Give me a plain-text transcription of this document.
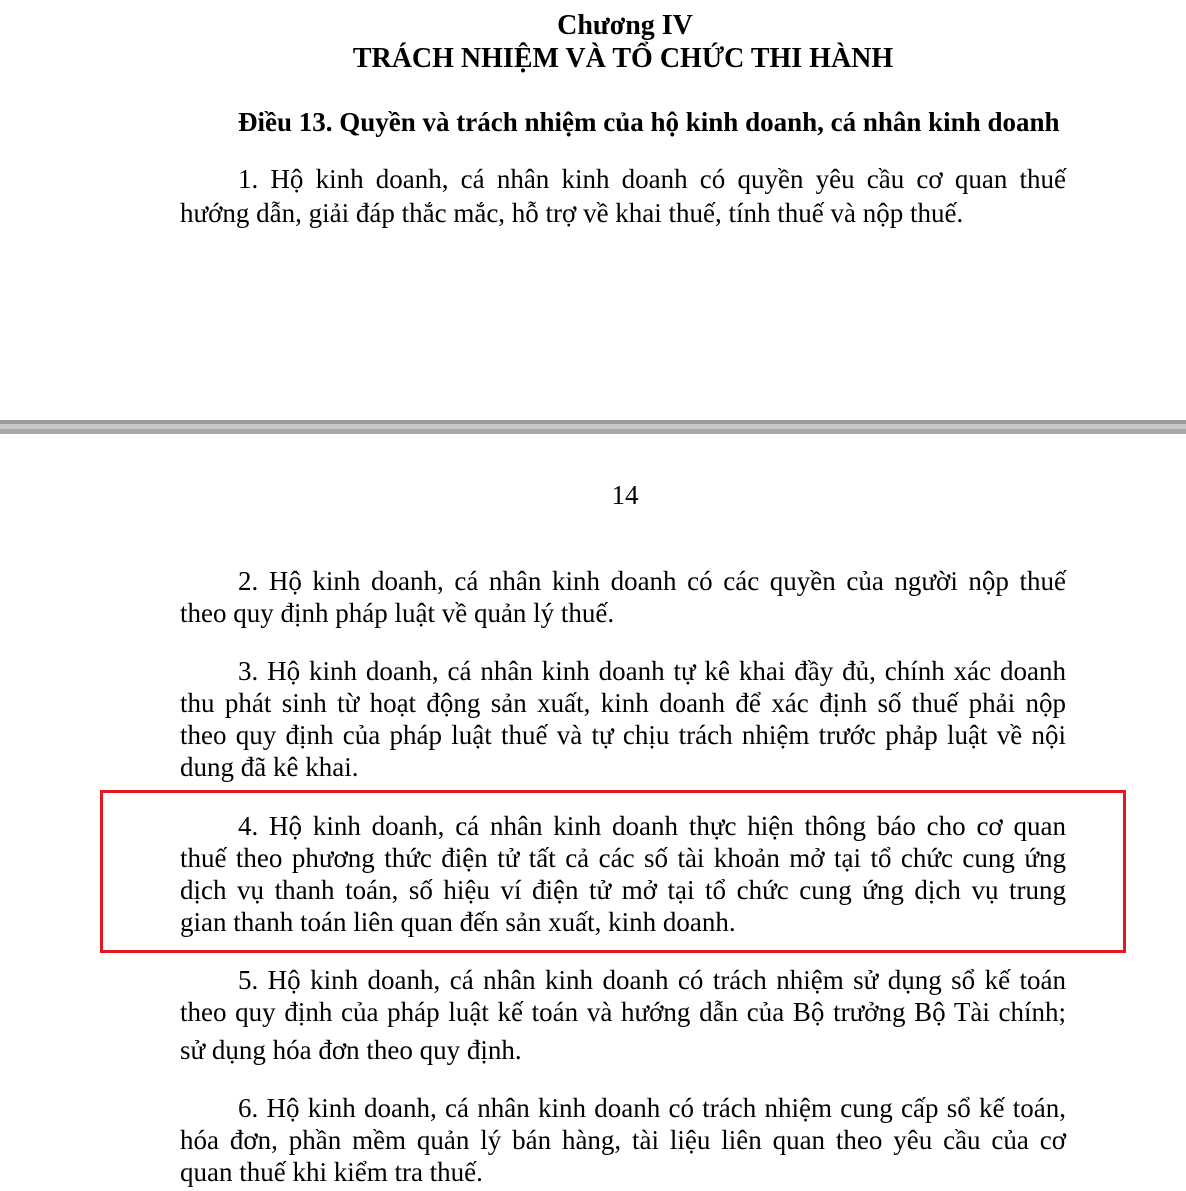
Chương IV
TRÁCH NHIỆM VÀ TỔ CHỨC THI HÀNH
Điều 13. Quyền và trách nhiệm của hộ kinh doanh, cá nhân kinh doanh
1. Hộ kinh doanh, cá nhân kinh doanh có quyền yêu cầu cơ quan thuế
hướng dẫn, giải đáp thắc mắc, hỗ trợ về khai thuế, tính thuế và nộp thuế.
14
2. Hộ kinh doanh, cá nhân kinh doanh có các quyền của người nộp thuế
theo quy định pháp luật về quản lý thuế.
3. Hộ kinh doanh, cá nhân kinh doanh tự kê khai đầy đủ, chính xác doanh
thu phát sinh từ hoạt động sản xuất, kinh doanh để xác định số thuế phải nộp
theo quy định của pháp luật thuế và tự chịu trách nhiệm trước phảp luật về nội
dung đã kê khai.
4. Hộ kinh doanh, cá nhân kinh doanh thực hiện thông báo cho cơ quan
thuế theo phương thức điện tử tất cả các số tài khoản mở tại tổ chức cung ứng
dịch vụ thanh toán, số hiệu ví điện tử mở tại tổ chức cung ứng dịch vụ trung
gian thanh toán liên quan đến sản xuất, kinh doanh.
5. Hộ kinh doanh, cá nhân kinh doanh có trách nhiệm sử dụng sổ kế toán
theo quy định của pháp luật kế toán và hướng dẫn của Bộ trưởng Bộ Tài chính;
sử dụng hóa đơn theo quy định.
6. Hộ kinh doanh, cá nhân kinh doanh có trách nhiệm cung cấp sổ kế toán,
hóa đơn, phần mềm quản lý bán hàng, tài liệu liên quan theo yêu cầu của cơ
quan thuế khi kiểm tra thuế.
